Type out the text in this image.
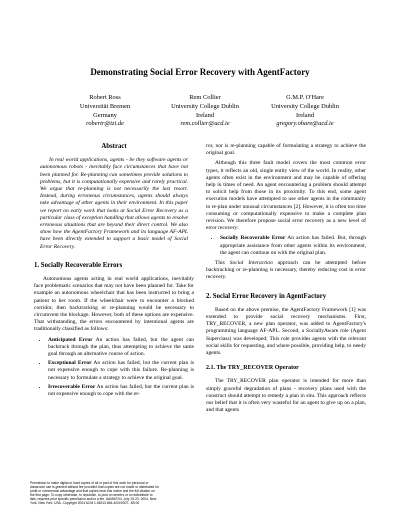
Demonstrating Social Error Recovery with AgentFactory
Robert Ross
Universität Bremen
Germany
robertr@tzi.de
Rem Collier
University College Dublin
Ireland
rem.collier@ucd.ie
G.M.P. O'Hare
University College Dublin
Ireland
gregory.ohare@ucd.ie
Abstract

In real world applications, agents - be they software agents or autonomous robots - inevitably face circumstances that have not been planned for. Re-planning can sometimes provide solutions to problems, but it is computationally expensive and rarely practical. We argue that re-planning is not necessarily the last resort. Instead, during erroneous circumstances, agents should always take advantage of other agents in their environment. In this paper we report on early work that looks at Social Error Recovery as a particular class of exception handling that allows agents to resolve erroneous situations that are beyond their direct control. We also show how the AgentFactory Framework and its language AF-APL have been directly extended to support a basic model of Social Error Recovery.

1. Socially Recoverable Errors

Autonomous agents acting in real world applications, inevitably face problematic scenarios that may not have been planned for. Take for example an autonomous wheelchair that has been instructed to bring a patient to her room. If the wheelchair were to encounter a blocked corridor, then backtracking or re-planning would be necessary to circumvent the blockage. However, both of these options are expensive. That withstanding, the errors encountered by intentional agents are traditionally classified as follows:

• Anticipated Error An action has failed, but the agent can backtrack through the plan, thus attempting to achieve the same goal through an alternative course of action.
• Exceptional Error An action has failed, but the current plan is not expensive enough to cope with this failure. Re-planning is necessary to formulate a strategy to achieve the original goal.
• Irrecoverable Error An action has failed, but the current plan is not expensive enough to cope with the er-
Permission to make digital or hard copies of all or part of this work for personal or classroom use is granted without fee provided that copies are not made or distributed for profit or commercial advantage and that copies bear this notice and the full citation on the first page. To copy otherwise, to republish, to post on servers or to redistribute to lists, requires prior specific permission and/or a fee. AAMAS'04, July 19-23, 2004, New York, New York, USA. Copyright 2004 ACM 1-58113-864-4/04/0007...$5.00

ror, nor is re-planning capable of formulating a strategy to achieve the original goal.

Although this three fault model covers the most common error types, it reflects an old, single entity view of the world. In reality, other agents often exist in the environment and may be capable of offering help in times of need. An agent encountering a problem should attempt to solicit help from those in its proximity. To this end, some agent execution models have attempted to use other agents in the community to re-plan under unusual circumstances [2]. However, it is often too time consuming or computationally expensive to make a complete plan revision. We therefore propose social error recovery as a new level of error recovery:

• Socially Recoverable Error An action has failed. But, through appropriate assistance from other agents within its environment, the agent can continue on with the original plan.

This Social Interaction approach can be attempted before backtracking or re-planning is necessary, thereby reducing cost in error recovery.

2. Social Error Recovery in AgentFactory

Based on the above premise, the AgentFactory Framework [1] was extended to provide social recovery mechanisms. First, TRY_RECOVER, a new plan operator, was added to AgentFactory's programming language AF-APL. Second, a SociallyAware role (Agent Superclass) was developed; This role provides agents with the relevant social skills for requesting, and where possible, providing help, to needy agents.

2.1. The TRY_RECOVER Operator

The TRY_RECOVER plan operator is intended for more than simply graceful degradation of plans - recovery plans used with the construct should attempt to remedy a plan in situ. This approach reflects our belief that it is often very wasteful for an agent to give up on a plan, and that agents
